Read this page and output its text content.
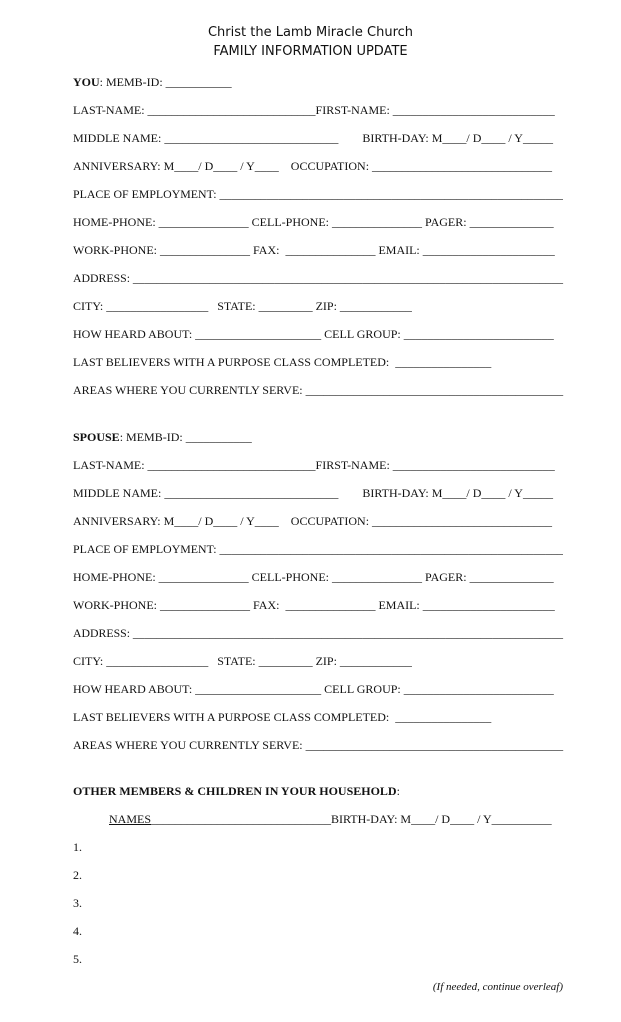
Christ the Lamb Miracle Church
FAMILY INFORMATION UPDATE
YOU: MEMB-ID: ___________
LAST-NAME: ____________________________FIRST-NAME: ___________________________
MIDDLE NAME: _____________________________        BIRTH-DAY: M____/ D____ / Y_____
ANNIVERSARY: M____/ D____ / Y____    OCCUPATION: ______________________________
PLACE OF EMPLOYMENT: __________________________________________________________
HOME-PHONE: _______________ CELL-PHONE: _______________ PAGER: ______________
WORK-PHONE: _______________ FAX:  _______________ EMAIL: ______________________
ADDRESS: _________________________________________________________________________
CITY: _________________   STATE: _________ ZIP: ____________
HOW HEARD ABOUT: _____________________ CELL GROUP: _________________________
LAST BELIEVERS WITH A PURPOSE CLASS COMPLETED:  ________________
AREAS WHERE YOU CURRENTLY SERVE: ___________________________________________
SPOUSE: MEMB-ID: ___________
LAST-NAME: ____________________________FIRST-NAME: ___________________________
MIDDLE NAME: _____________________________        BIRTH-DAY: M____/ D____ / Y_____
ANNIVERSARY: M____/ D____ / Y____    OCCUPATION: ______________________________
PLACE OF EMPLOYMENT: __________________________________________________________
HOME-PHONE: _______________ CELL-PHONE: _______________ PAGER: ______________
WORK-PHONE: _______________ FAX:  _______________ EMAIL: ______________________
ADDRESS: _________________________________________________________________________
CITY: _________________   STATE: _________ ZIP: ____________
HOW HEARD ABOUT: _____________________ CELL GROUP: _________________________
LAST BELIEVERS WITH A PURPOSE CLASS COMPLETED:  ________________
AREAS WHERE YOU CURRENTLY SERVE: ___________________________________________
OTHER MEMBERS & CHILDREN IN YOUR HOUSEHOLD:
NAMES______________________________BIRTH-DAY: M____/ D____ / Y__________
1.
2.
3.
4.
5.
(If needed, continue overleaf)
